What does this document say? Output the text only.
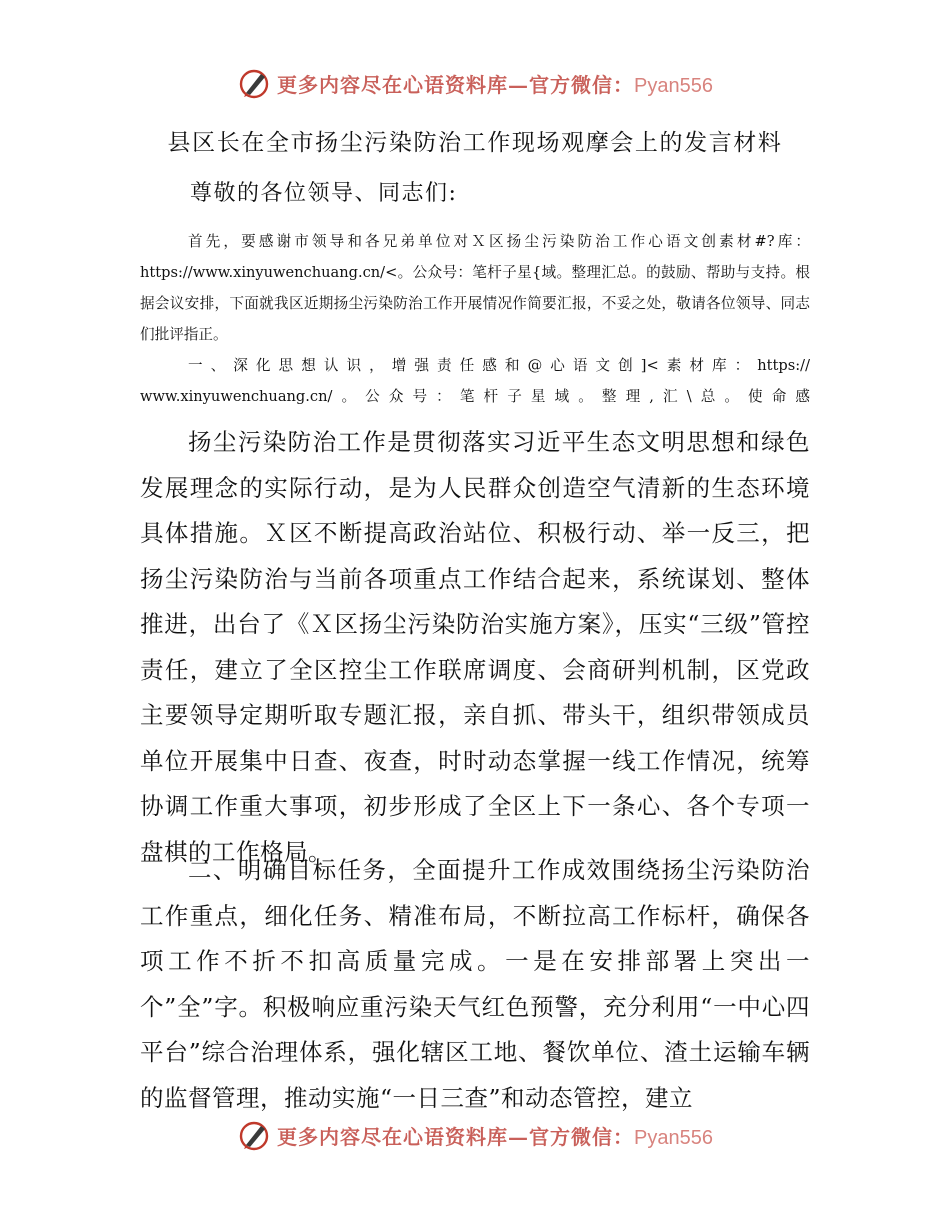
更多内容尽在心语资料库—官方微信：Pyan556
县区长在全市扬尘污染防治工作现场观摩会上的发言材料
尊敬的各位领导、同志们:

首先，要感谢市领导和各兄弟单位对Ｘ区扬尘污染防治工作心语文创素材#?库：https://www.xinyuwenchuang.cn/<。公众号：笔杆子星{域。整理汇总。的鼓励、帮助与支持。根据会议安排，下面就我区近期扬尘污染防治工作开展情况作简要汇报，不妥之处，敬请各位领导、同志们批评指正。

一、深化思想认识，增强责任感和@心语文创]<素材库：https://
www.xinyuwenchuang.cn/。公众号：笔杆子星域。整理,汇\总。使命感

扬尘污染防治工作是贯彻落实习近平生态文明思想和绿色发展理念的实际行动，是为人民群众创造空气清新的生态环境具体措施。Ｘ区不断提高政治站位、积极行动、举一反三，把扬尘污染防治与当前各项重点工作结合起来，系统谋划、整体推进，出台了《Ｘ区扬尘污染防治实施方案》，压实“三级”管控责任，建立了全区控尘工作联席调度、会商研判机制，区党政主要领导定期听取专题汇报，亲自抓、带头干，组织带领成员单位开展集中日查、夜查，时时动态掌握一线工作情况，统筹协调工作重大事项，初步形成了全区上下一条心、各个专项一盘棋的工作格局。

二、明确目标任务，全面提升工作成效围绕扬尘污染防治工作重点，细化任务、精准布局，不断拉高工作标杆，确保各项工作不折不扣高质量完成。一是在安排部署上突出一个”全”字。积极响应重污染天气红色预警，充分利用“一中心四平台”综合治理体系，强化辖区工地、餐饮单位、渣土运输车辆的监督管理，推动实施“一日三查”和动态管控，建立

更多内容尽在心语资料库—官方微信：Pyan556
